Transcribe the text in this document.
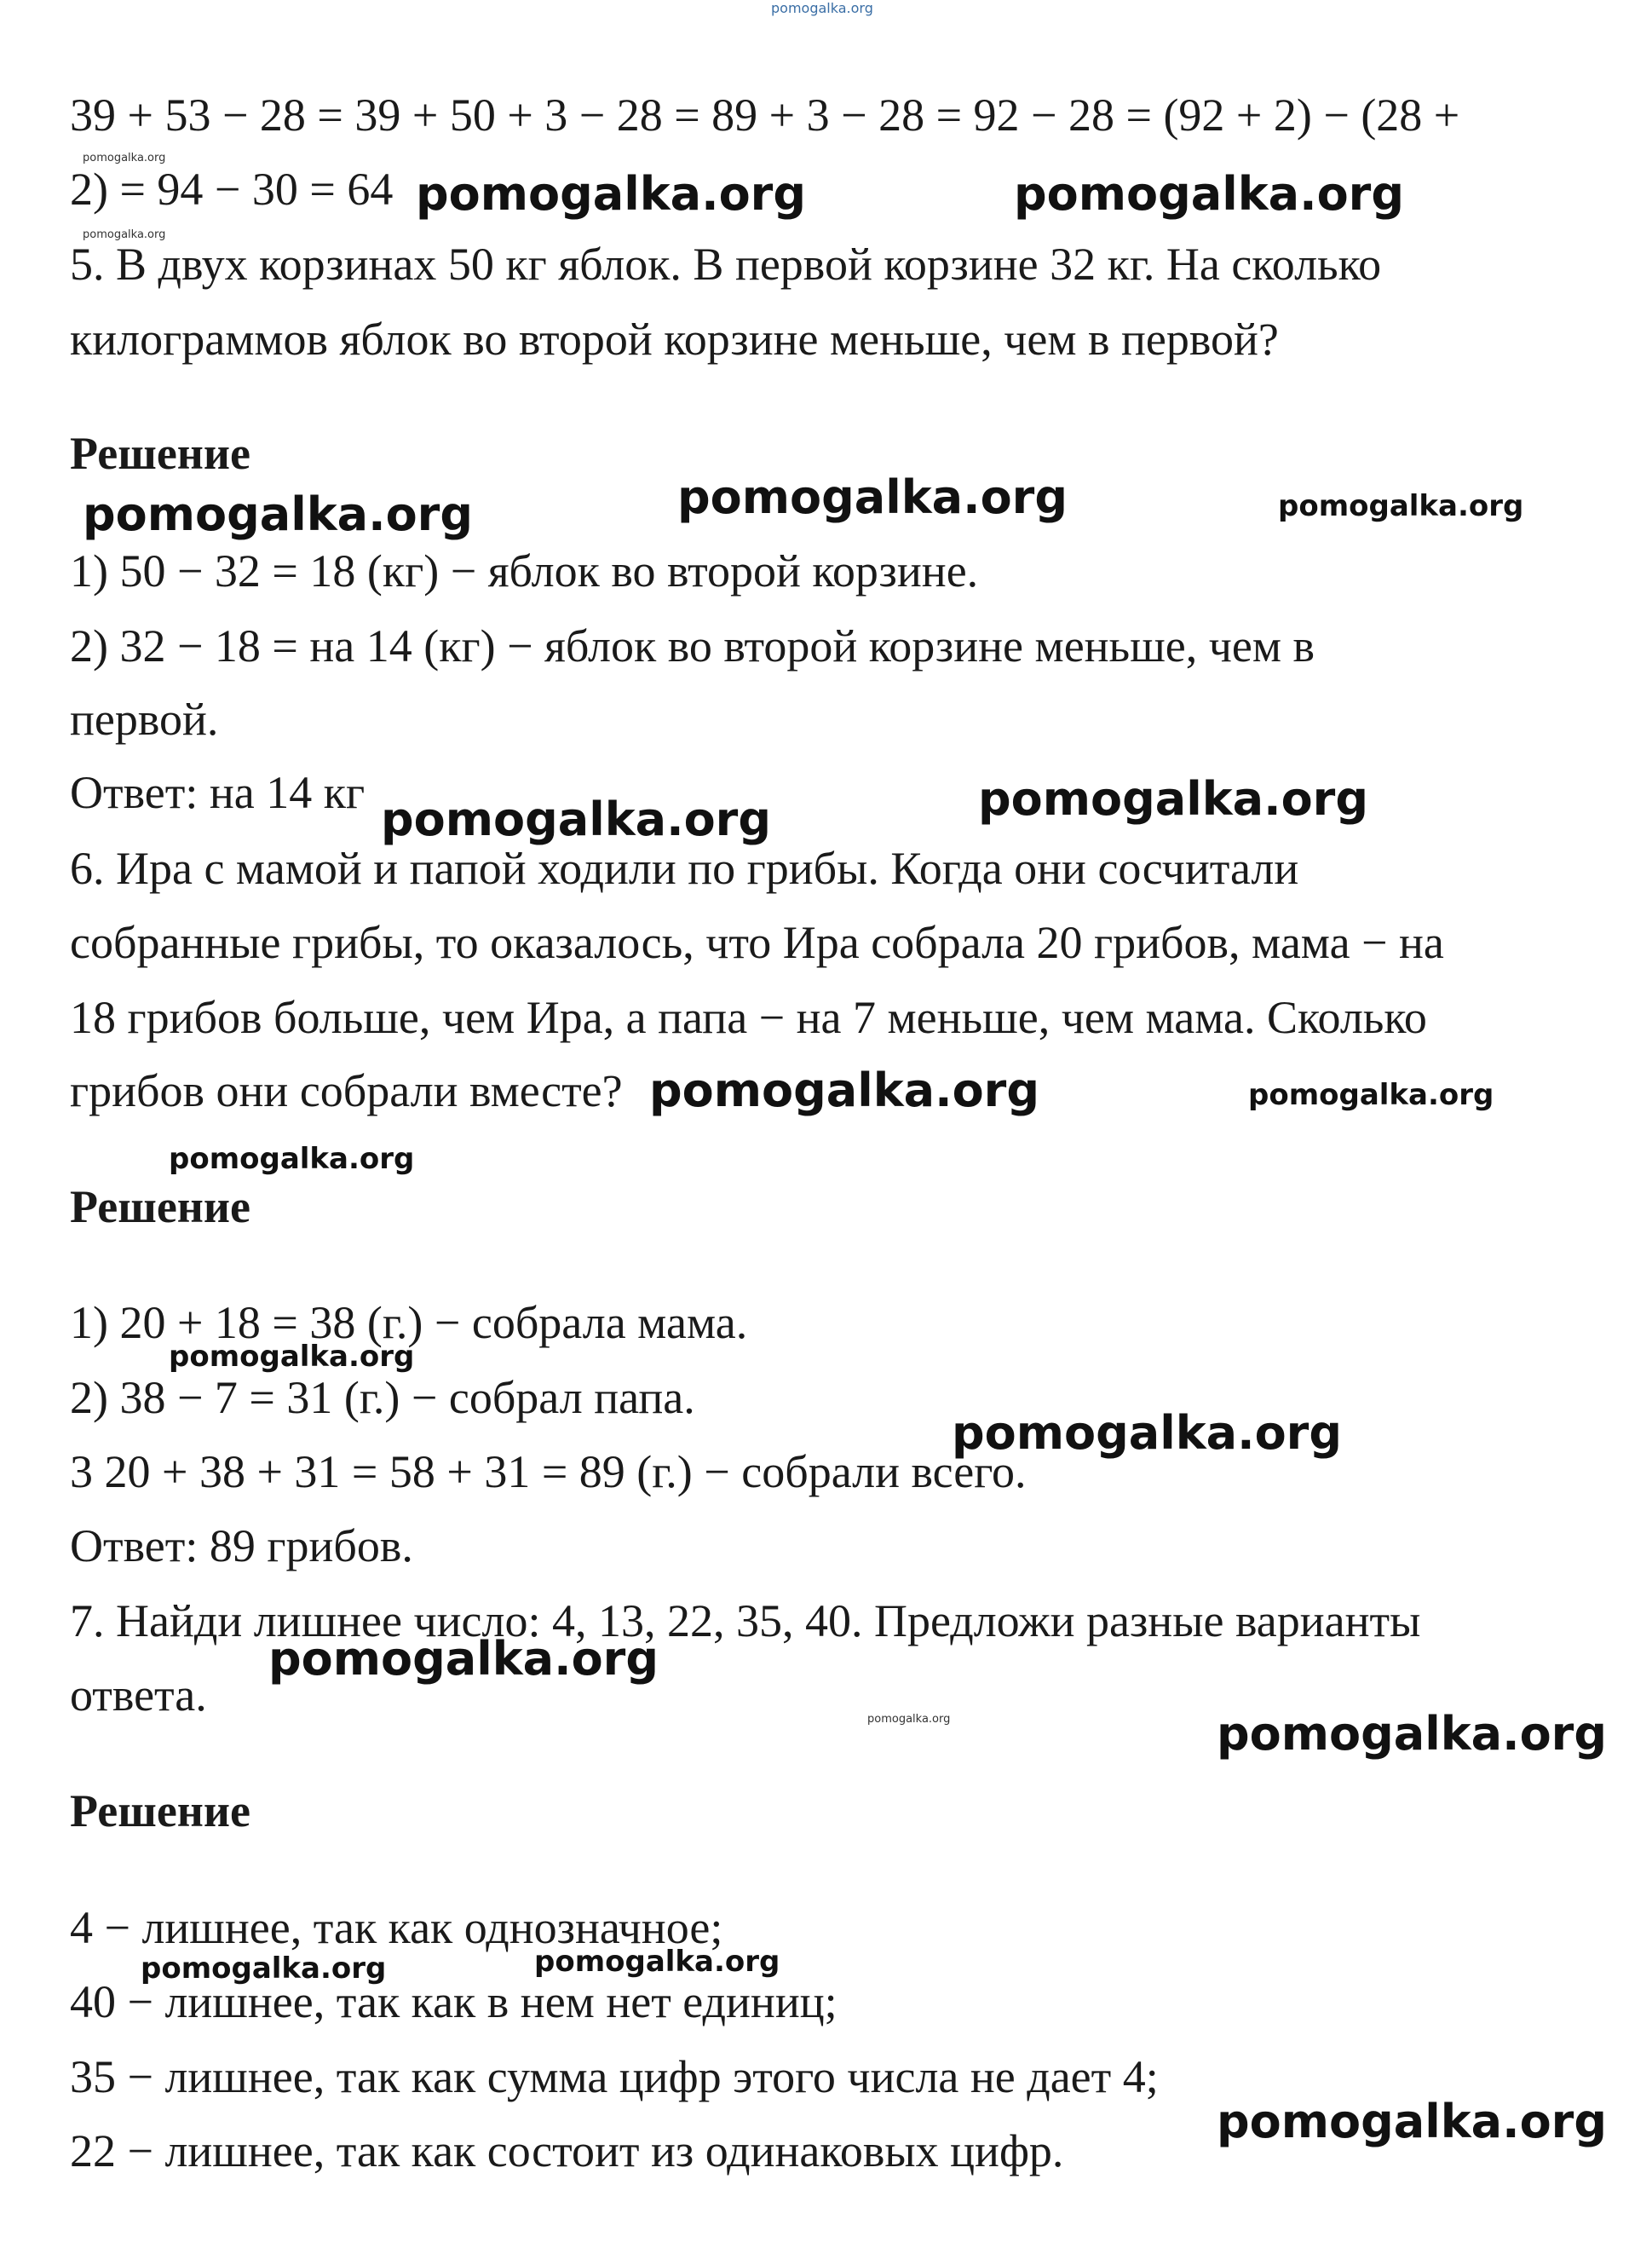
pomogalka.org
39 + 53 − 28 = 39 + 50 + 3 − 28 = 89 + 3 − 28 = 92 − 28 = (92 + 2) − (28 +
2) = 94 − 30 = 64
5. В двух корзинах 50 кг яблок. В первой корзине 32 кг. На сколько
килограммов яблок во второй корзине меньше, чем в первой?
Решение
1) 50 − 32 = 18 (кг) − яблок во второй корзине.
2) 32 − 18 = на 14 (кг) − яблок во второй корзине меньше, чем в
первой.
Ответ: на 14 кг
6. Ира с мамой и папой ходили по грибы. Когда они сосчитали
собранные грибы, то оказалось, что Ира собрала 20 грибов, мама − на
18 грибов больше, чем Ира, а папа − на 7 меньше, чем мама. Сколько
грибов они собрали вместе?
Решение
1) 20 + 18 = 38 (г.) − собрала мама.
2) 38 − 7 = 31 (г.) − собрал папа.
3 20 + 38 + 31 = 58 + 31 = 89 (г.) − собрали всего.
Ответ: 89 грибов.
7. Найди лишнее число: 4, 13, 22, 35, 40. Предложи разные варианты
ответа.
Решение
4 − лишнее, так как однозначное;
40 − лишнее, так как в нем нет единиц;
35 − лишнее, так как сумма цифр этого числа не дает 4;
22 − лишнее, так как состоит из одинаковых цифр.
pomogalka.org
pomogalka.org
pomogalka.org	pomogalka.org
pomogalka.org	pomogalka.org	pomogalka.org
pomogalka.org
pomogalka.org
pomogalka.org
pomogalka.org
pomogalka.org
pomogalka.org
pomogalka.org
pomogalka.org
pomogalka.org	pomogalka.org
pomogalka.org	pomogalka.org
pomogalka.org
